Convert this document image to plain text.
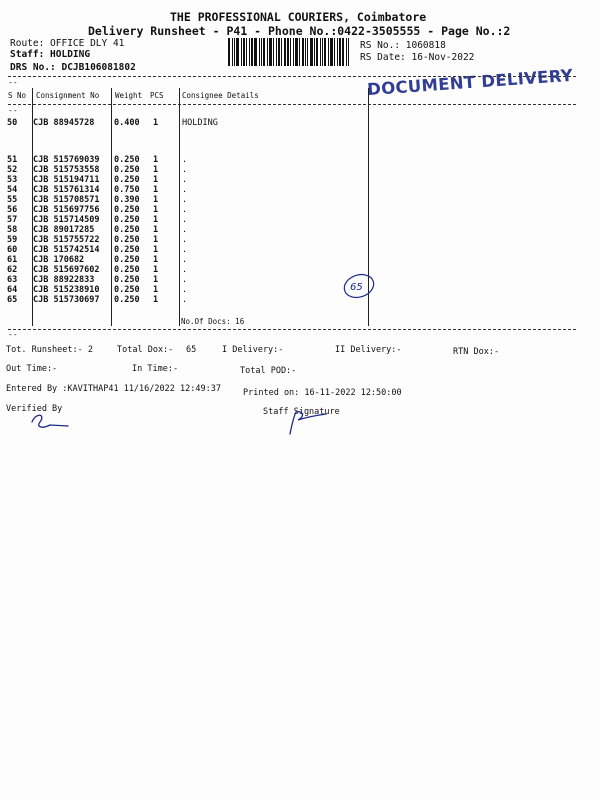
THE PROFESSIONAL COURIERS, Coimbatore
Delivery Runsheet - P41 - Phone No.:0422-3505555 - Page No.:2
Route: OFFICE DLY 41
Staff: HOLDING
DRS No.: DCJB106081802
RS No.: 1060818
RS Date: 16-Nov-2022
DOCUMENT DELIVERY
--
--
S No Consignment No Weight PCS Consignee Details
50 CJB 88945728 0.400 1	HOLDING
51 CJB 515769039 0.250 1	.
52 CJB 515753558 0.250 1	.
53 CJB 515194711 0.250 1	.
54 CJB 515761314 0.750 1	.
55 CJB 515708571 0.390 1	.
56 CJB 515697756 0.250 1	.
57 CJB 515714509 0.250 1	.
58 CJB 89017285 0.250 1	.
59 CJB 515755722 0.250 1	.
60 CJB 515742514 0.250 1	.
61 CJB 170682	0.250 1	.
62 CJB 515697602 0.250 1	.
63 CJB 88922833 0.250 1	.
64 CJB 515238910 0.250 1	.
65 CJB 515730697 0.250 1	.
No.Of Docs: 16
65
--
Tot. Runsheet:- 2	Total Dox:- 65	I Delivery:-	II Delivery:-	RTN Dox:-
Out Time:-	In Time:-	Total POD:-
Entered By :KAVITHAP41 11/16/2022 12:49:37	Printed on: 16-11-2022 12:50:00
Verified By	Staff Signature
